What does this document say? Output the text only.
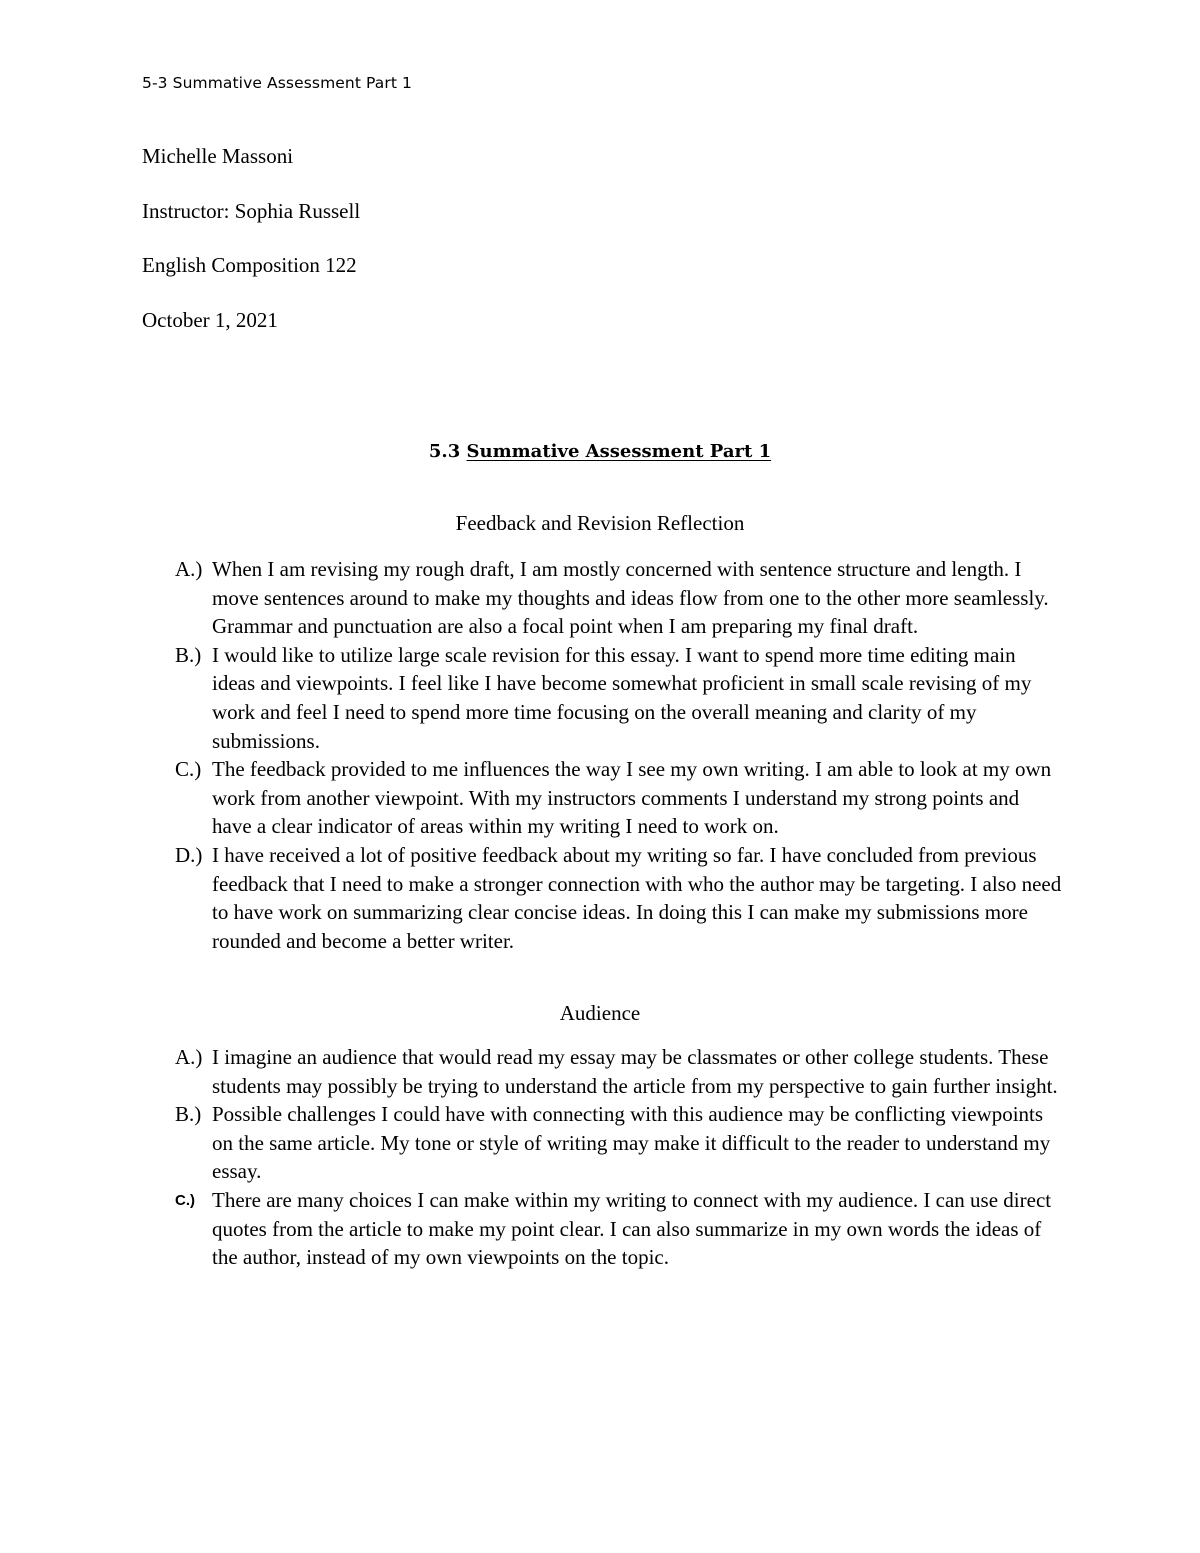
5-3 Summative Assessment Part 1
Michelle Massoni
Instructor: Sophia Russell
English Composition 122
October 1, 2021
5.3 Summative Assessment Part 1
Feedback and Revision Reflection
A.) When I am revising my rough draft, I am mostly concerned with sentence structure and length. I move sentences around to make my thoughts and ideas flow from one to the other more seamlessly. Grammar and punctuation are also a focal point when I am preparing my final draft.
B.) I would like to utilize large scale revision for this essay. I want to spend more time editing main ideas and viewpoints. I feel like I have become somewhat proficient in small scale revising of my work and feel I need to spend more time focusing on the overall meaning and clarity of my submissions.
C.) The feedback provided to me influences the way I see my own writing. I am able to look at my own work from another viewpoint. With my instructors comments I understand my strong points and have a clear indicator of areas within my writing I need to work on.
D.) I have received a lot of positive feedback about my writing so far. I have concluded from previous feedback that I need to make a stronger connection with who the author may be targeting. I also need to have work on summarizing clear concise ideas. In doing this I can make my submissions more rounded and become a better writer.
Audience
A.) I imagine an audience that would read my essay may be classmates or other college students. These students may possibly be trying to understand the article from my perspective to gain further insight.
B.) Possible challenges I could have with connecting with this audience may be conflicting viewpoints on the same article. My tone or style of writing may make it difficult to the reader to understand my essay.
C.) There are many choices I can make within my writing to connect with my audience. I can use direct quotes from the article to make my point clear. I can also summarize in my own words the ideas of the author, instead of my own viewpoints on the topic.
